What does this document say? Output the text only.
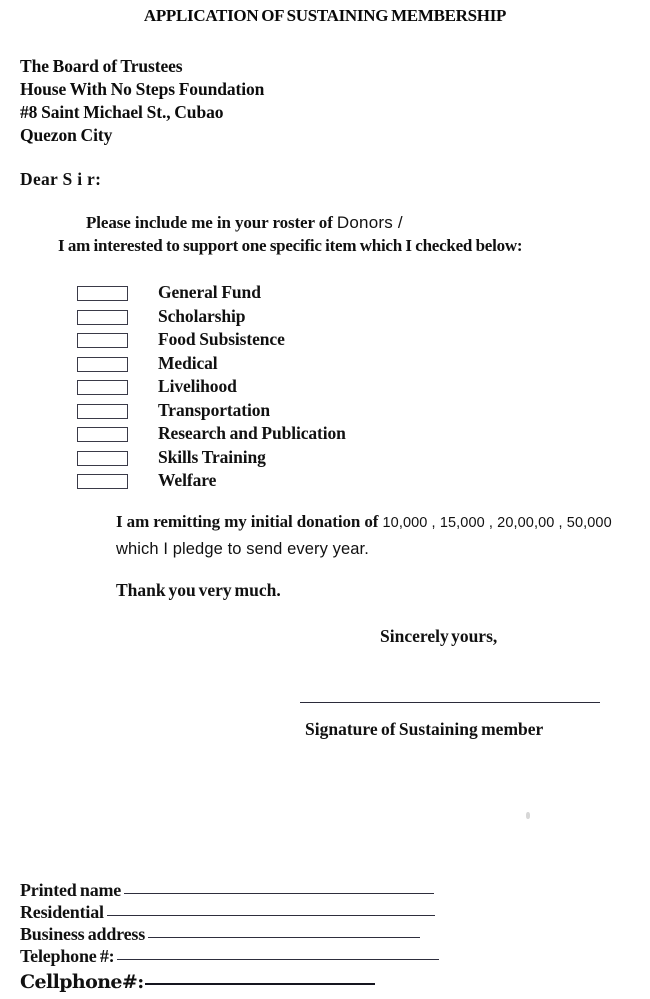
APPLICATION OF SUSTAINING MEMBERSHIP
The Board of Trustees
House With No Steps Foundation
#8 Saint Michael St., Cubao
Quezon City
Dear S i r:
Please include me in your roster of Donors /
I am interested to support one specific item which I checked below:
General Fund
Scholarship
Food Subsistence
Medical
Livelihood
Transportation
Research and Publication
Skills Training
Welfare
I am remitting my initial donation of 10,000 , 15,000 , 20,00,00 , 50,000
which I pledge to send every year.
Thank you very much.
Sincerely yours,
Signature of Sustaining member
Printed name
Residential
Business address
Telephone #:
Cellphone#:
